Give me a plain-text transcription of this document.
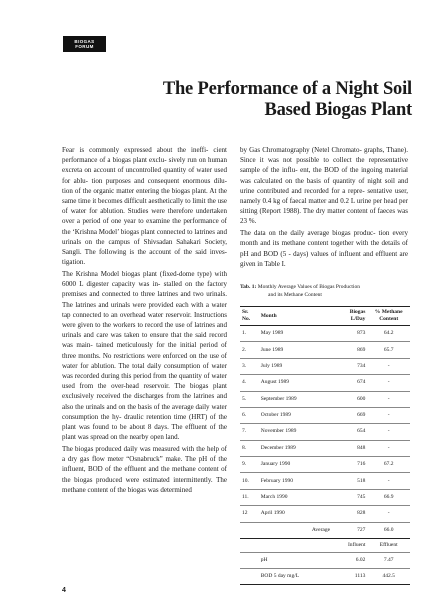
BIOGAS
FORUM
The Performance of a Night Soil
Based Biogas Plant

Fear is commonly expressed about the ineffi- cient performance of a biogas plant exclu- sively run on human excreta on account of uncontrolled quantity of water used for ablu- tion purposes and consequent enormous dilu- tion of the organic matter entering the biogas plant. At the same time it becomes difficult aesthetically to limit the use of water for ablution. Studies were therefore undertaken over a period of one year to examine the performance of the ‘Krishna Model’ biogas plant connected to latrines and urinals on the campus of Shivsadan Sahakari Society, Sangli. The following is the account of the said inves- tigation.

The Krishna Model biogas plant (fixed-dome type) with 6000 L digester capacity was in- stalled on the factory premises and connected to three latrines and two urinals. The latrines and urinals were provided each with a water tap connected to an overhead water reservoir. Instructions were given to the workers to record the use of latrines and urinals and care was taken to ensure that the said record was main- tained meticulously for the initial period of three months. No restrictions were enforced on the use of water for ablution. The total daily consumption of water was recorded during this period from the quantity of water used from the over-head reservoir. The biogas plant exclusively received the discharges from the latrines and also the urinals and on the basis of the average daily water consumption the hy- draulic retention time (HRT) of the plant was found to be about 8 days. The effluent of the plant was spread on the nearby open land.

The biogas produced daily was measured with the help of a dry gas flow meter “Osnabruck” make. The pH of the influent, BOD of the effluent and the methane content of the biogas produced were estimated intermittently. The methane content of the biogas was determined

by Gas Chromatography (Netel Chromato- graphs, Thane). Since it was not possible to collect the representative sample of the influ- ent, the BOD of the ingoing material was calculated on the basis of quantity of night soil and urine contributed and recorded for a repre- sentative user, namely 0.4 kg of faecal matter and 0.2 L urine per head per sitting (Report 1988). The dry matter content of faeces was 23 %.

The data on the daily average biogas produc- tion every month and its methane content together with the details of pH and BOD (5 - days) values of influent and effluent are given in Table I.

Tab. 1: Monthly Average Values of Biogas Production
and its Methane Content
Sr. No.	Month	Biogas L/Day	% Methane Content
1.	May 1989	873	64.2
2.	June 1989	869	65.7
3.	July 1989	734	-
4.	August 1989	674	-
5.	September 1989	600	-
6.	October 1989	669	-
7.	November 1989	654	-
8.	December 1989	848	-
9.	January 1990	716	67.2
10.	February 1990	518	-
11.	March 1990	745	66.9
12	April 1990	828	-
	Average	727	66.0
		Influent	Effluent
	pH	6.02	7.47
	BOD 5 day mg/L	1113	442.5
4
